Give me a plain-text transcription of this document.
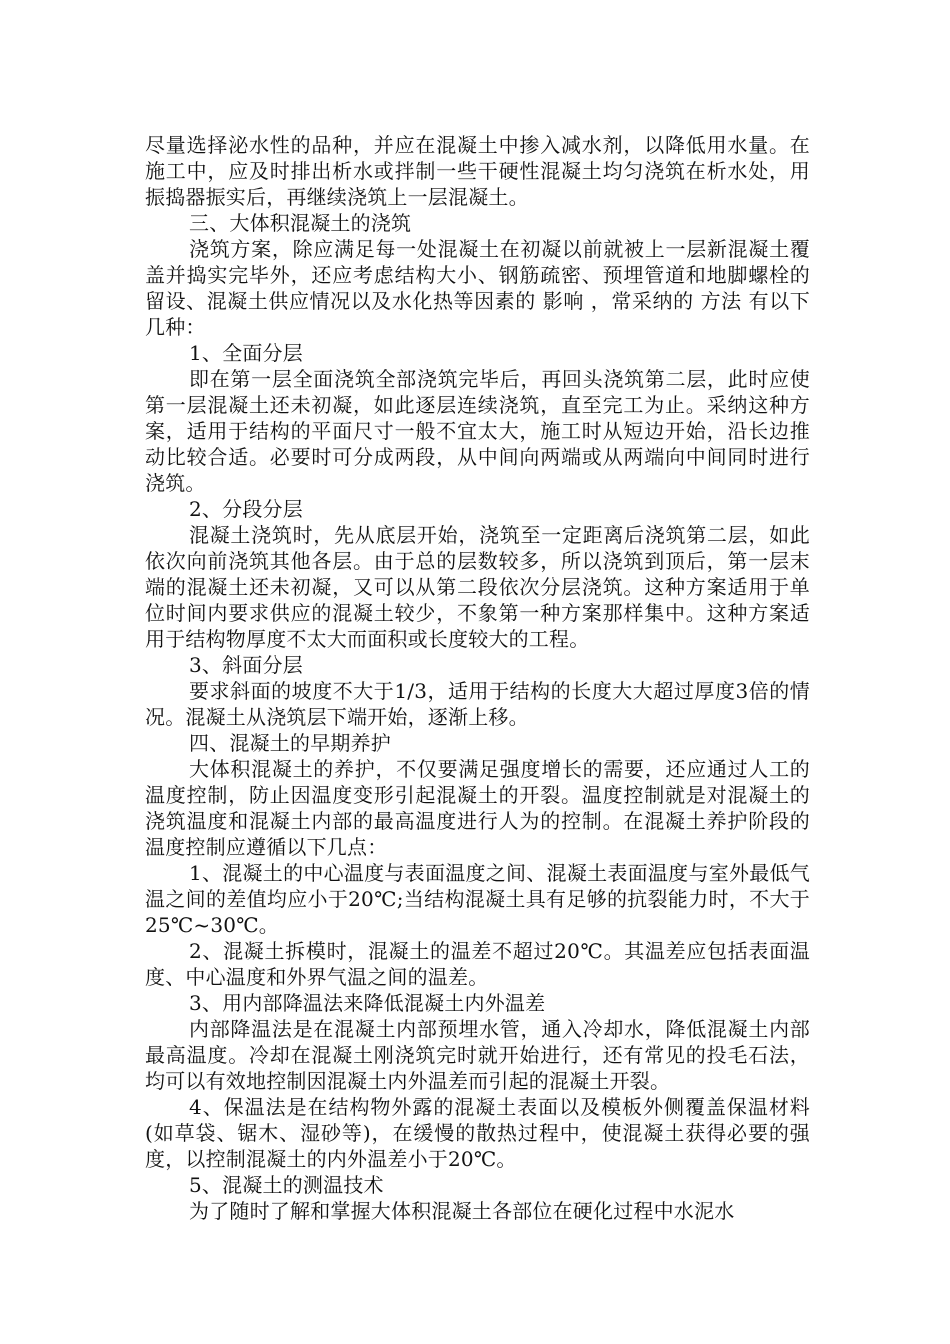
尽量选择泌水性的品种，并应在混凝土中掺入减水剂，以降低用水量。在施工中，应及时排出析水或拌制一些干硬性混凝土均匀浇筑在析水处，用振捣器振实后，再继续浇筑上一层混凝土。

三、大体积混凝土的浇筑

浇筑方案，除应满足每一处混凝土在初凝以前就被上一层新混凝土覆盖并捣实完毕外，还应考虑结构大小、钢筋疏密、预埋管道和地脚螺栓的留设、混凝土供应情况以及水化热等因素的 影响 ，常采纳的 方法 有以下几种：

1、全面分层

即在第一层全面浇筑全部浇筑完毕后，再回头浇筑第二层，此时应使第一层混凝土还未初凝，如此逐层连续浇筑，直至完工为止。采纳这种方案，适用于结构的平面尺寸一般不宜太大，施工时从短边开始，沿长边推动比较合适。必要时可分成两段，从中间向两端或从两端向中间同时进行浇筑。

2、分段分层

混凝土浇筑时，先从底层开始，浇筑至一定距离后浇筑第二层，如此依次向前浇筑其他各层。由于总的层数较多，所以浇筑到顶后，第一层末端的混凝土还未初凝，又可以从第二段依次分层浇筑。这种方案适用于单位时间内要求供应的混凝土较少，不象第一种方案那样集中。这种方案适用于结构物厚度不太大而面积或长度较大的工程。

3、斜面分层

要求斜面的坡度不大于1/3，适用于结构的长度大大超过厚度3倍的情况。混凝土从浇筑层下端开始，逐渐上移。

四、混凝土的早期养护

大体积混凝土的养护，不仅要满足强度增长的需要，还应通过人工的温度控制，防止因温度变形引起混凝土的开裂。温度控制就是对混凝土的浇筑温度和混凝土内部的最高温度进行人为的控制。在混凝土养护阶段的温度控制应遵循以下几点：

1、混凝土的中心温度与表面温度之间、混凝土表面温度与室外最低气温之间的差值均应小于20℃;当结构混凝土具有足够的抗裂能力时，不大于25℃~30℃。

2、混凝土拆模时，混凝土的温差不超过20℃。其温差应包括表面温度、中心温度和外界气温之间的温差。

3、用内部降温法来降低混凝土内外温差

内部降温法是在混凝土内部预埋水管，通入冷却水，降低混凝土内部最高温度。冷却在混凝土刚浇筑完时就开始进行，还有常见的投毛石法，均可以有效地控制因混凝土内外温差而引起的混凝土开裂。

4、保温法是在结构物外露的混凝土表面以及模板外侧覆盖保温材料(如草袋、锯木、湿砂等)，在缓慢的散热过程中，使混凝土获得必要的强度，以控制混凝土的内外温差小于20℃。

5、混凝土的测温技术

为了随时了解和掌握大体积混凝土各部位在硬化过程中水泥水
